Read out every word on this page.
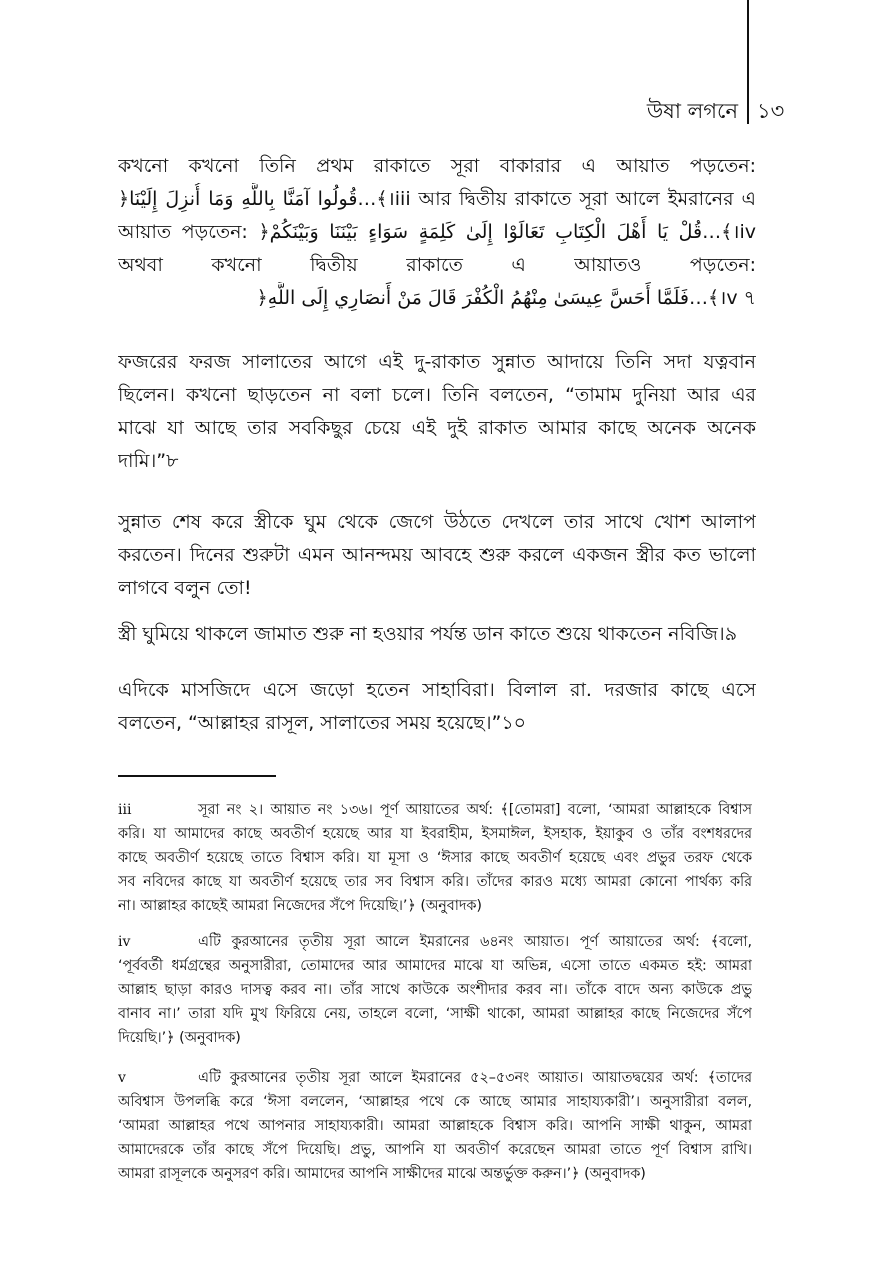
উষা লগনে ১৩
কখনো কখনো তিনি প্রথম রাকাতে সূরা বাকারার এ আয়াত পড়তেন:
﴿قُولُوا آمَنَّا بِاللَّهِ وَمَا أُنزِلَ إِلَيْنَا…﴾।iii আর দ্বিতীয় রাকাতে সূরা আলে ইমরানের এ
আয়াত পড়তেন: ﴿قُلْ يَا أَهْلَ الْكِتَابِ تَعَالَوْا إِلَىٰ كَلِمَةٍ سَوَاءٍ بَيْنَنَا وَبَيْنَكُمْ…﴾।iv
অথবা কখনো দ্বিতীয় রাকাতে এ আয়াতও পড়তেন:
﴿فَلَمَّا أَحَسَّ عِيسَىٰ مِنْهُمُ الْكُفْرَ قَالَ مَنْ أَنصَارِي إِلَى اللَّهِ…﴾।v ৭
ফজরের ফরজ সালাতের আগে এই দু-রাকাত সুন্নাত আদায়ে তিনি সদা যত্নবান
ছিলেন। কখনো ছাড়তেন না বলা চলে। তিনি বলতেন, “তামাম দুনিয়া আর এর
মাঝে যা আছে তার সবকিছুর চেয়ে এই দুই রাকাত আমার কাছে অনেক অনেক
দামি।”৮
সুন্নাত শেষ করে স্ত্রীকে ঘুম থেকে জেগে উঠতে দেখলে তার সাথে খোশ আলাপ
করতেন। দিনের শুরুটা এমন আনন্দময় আবহে শুরু করলে একজন স্ত্রীর কত ভালো
লাগবে বলুন তো!
স্ত্রী ঘুমিয়ে থাকলে জামাত শুরু না হওয়ার পর্যন্ত ডান কাতে শুয়ে থাকতেন নবিজি।৯
এদিকে মাসজিদে এসে জড়ো হতেন সাহাবিরা। বিলাল রা. দরজার কাছে এসে
বলতেন, “আল্লাহর রাসূল, সালাতের সময় হয়েছে।”১০
iii	সূরা নং ২। আয়াত নং ১৩৬। পূর্ণ আয়াতের অর্থ: ﴾[তোমরা] বলো, ‘আমরা আল্লাহকে বিশ্বাস
করি। যা আমাদের কাছে অবতীর্ণ হয়েছে আর যা ইবরাহীম, ইসমাঈল, ইসহাক, ইয়াকুব ও তাঁর বংশধরদের
কাছে অবতীর্ণ হয়েছে তাতে বিশ্বাস করি। যা মূসা ও ‘ঈসার কাছে অবতীর্ণ হয়েছে এবং প্রভুর তরফ থেকে
সব নবিদের কাছে যা অবতীর্ণ হয়েছে তার সব বিশ্বাস করি। তাঁদের কারও মধ্যে আমরা কোনো পার্থক্য করি
না। আল্লাহর কাছেই আমরা নিজেদের সঁপে দিয়েছি।’﴿ (অনুবাদক)
iv	এটি কুরআনের তৃতীয় সূরা আলে ইমরানের ৬৪নং আয়াত। পূর্ণ আয়াতের অর্থ: ﴾বলো,
‘পূর্ববর্তী ধর্মগ্রন্থের অনুসারীরা, তোমাদের আর আমাদের মাঝে যা অভিন্ন, এসো তাতে একমত হই: আমরা
আল্লাহ ছাড়া কারও দাসত্ব করব না। তাঁর সাথে কাউকে অংশীদার করব না। তাঁকে বাদে অন্য কাউকে প্রভু
বানাব না।’ তারা যদি মুখ ফিরিয়ে নেয়, তাহলে বলো, ‘সাক্ষী থাকো, আমরা আল্লাহর কাছে নিজেদের সঁপে
দিয়েছি।’﴿ (অনুবাদক)
v	এটি কুরআনের তৃতীয় সূরা আলে ইমরানের ৫২–৫৩নং আয়াত। আয়াতদ্বয়ের অর্থ: ﴾তাদের
অবিশ্বাস উপলব্ধি করে ‘ঈসা বললেন, ‘আল্লাহর পথে কে আছে আমার সাহায্যকারী’। অনুসারীরা বলল,
‘আমরা আল্লাহর পথে আপনার সাহায্যকারী। আমরা আল্লাহকে বিশ্বাস করি। আপনি সাক্ষী থাকুন, আমরা
আমাদেরকে তাঁর কাছে সঁপে দিয়েছি। প্রভু, আপনি যা অবতীর্ণ করেছেন আমরা তাতে পূর্ণ বিশ্বাস রাখি।
আমরা রাসূলকে অনুসরণ করি। আমাদের আপনি সাক্ষীদের মাঝে অন্তর্ভুক্ত করুন।’﴿ (অনুবাদক)
